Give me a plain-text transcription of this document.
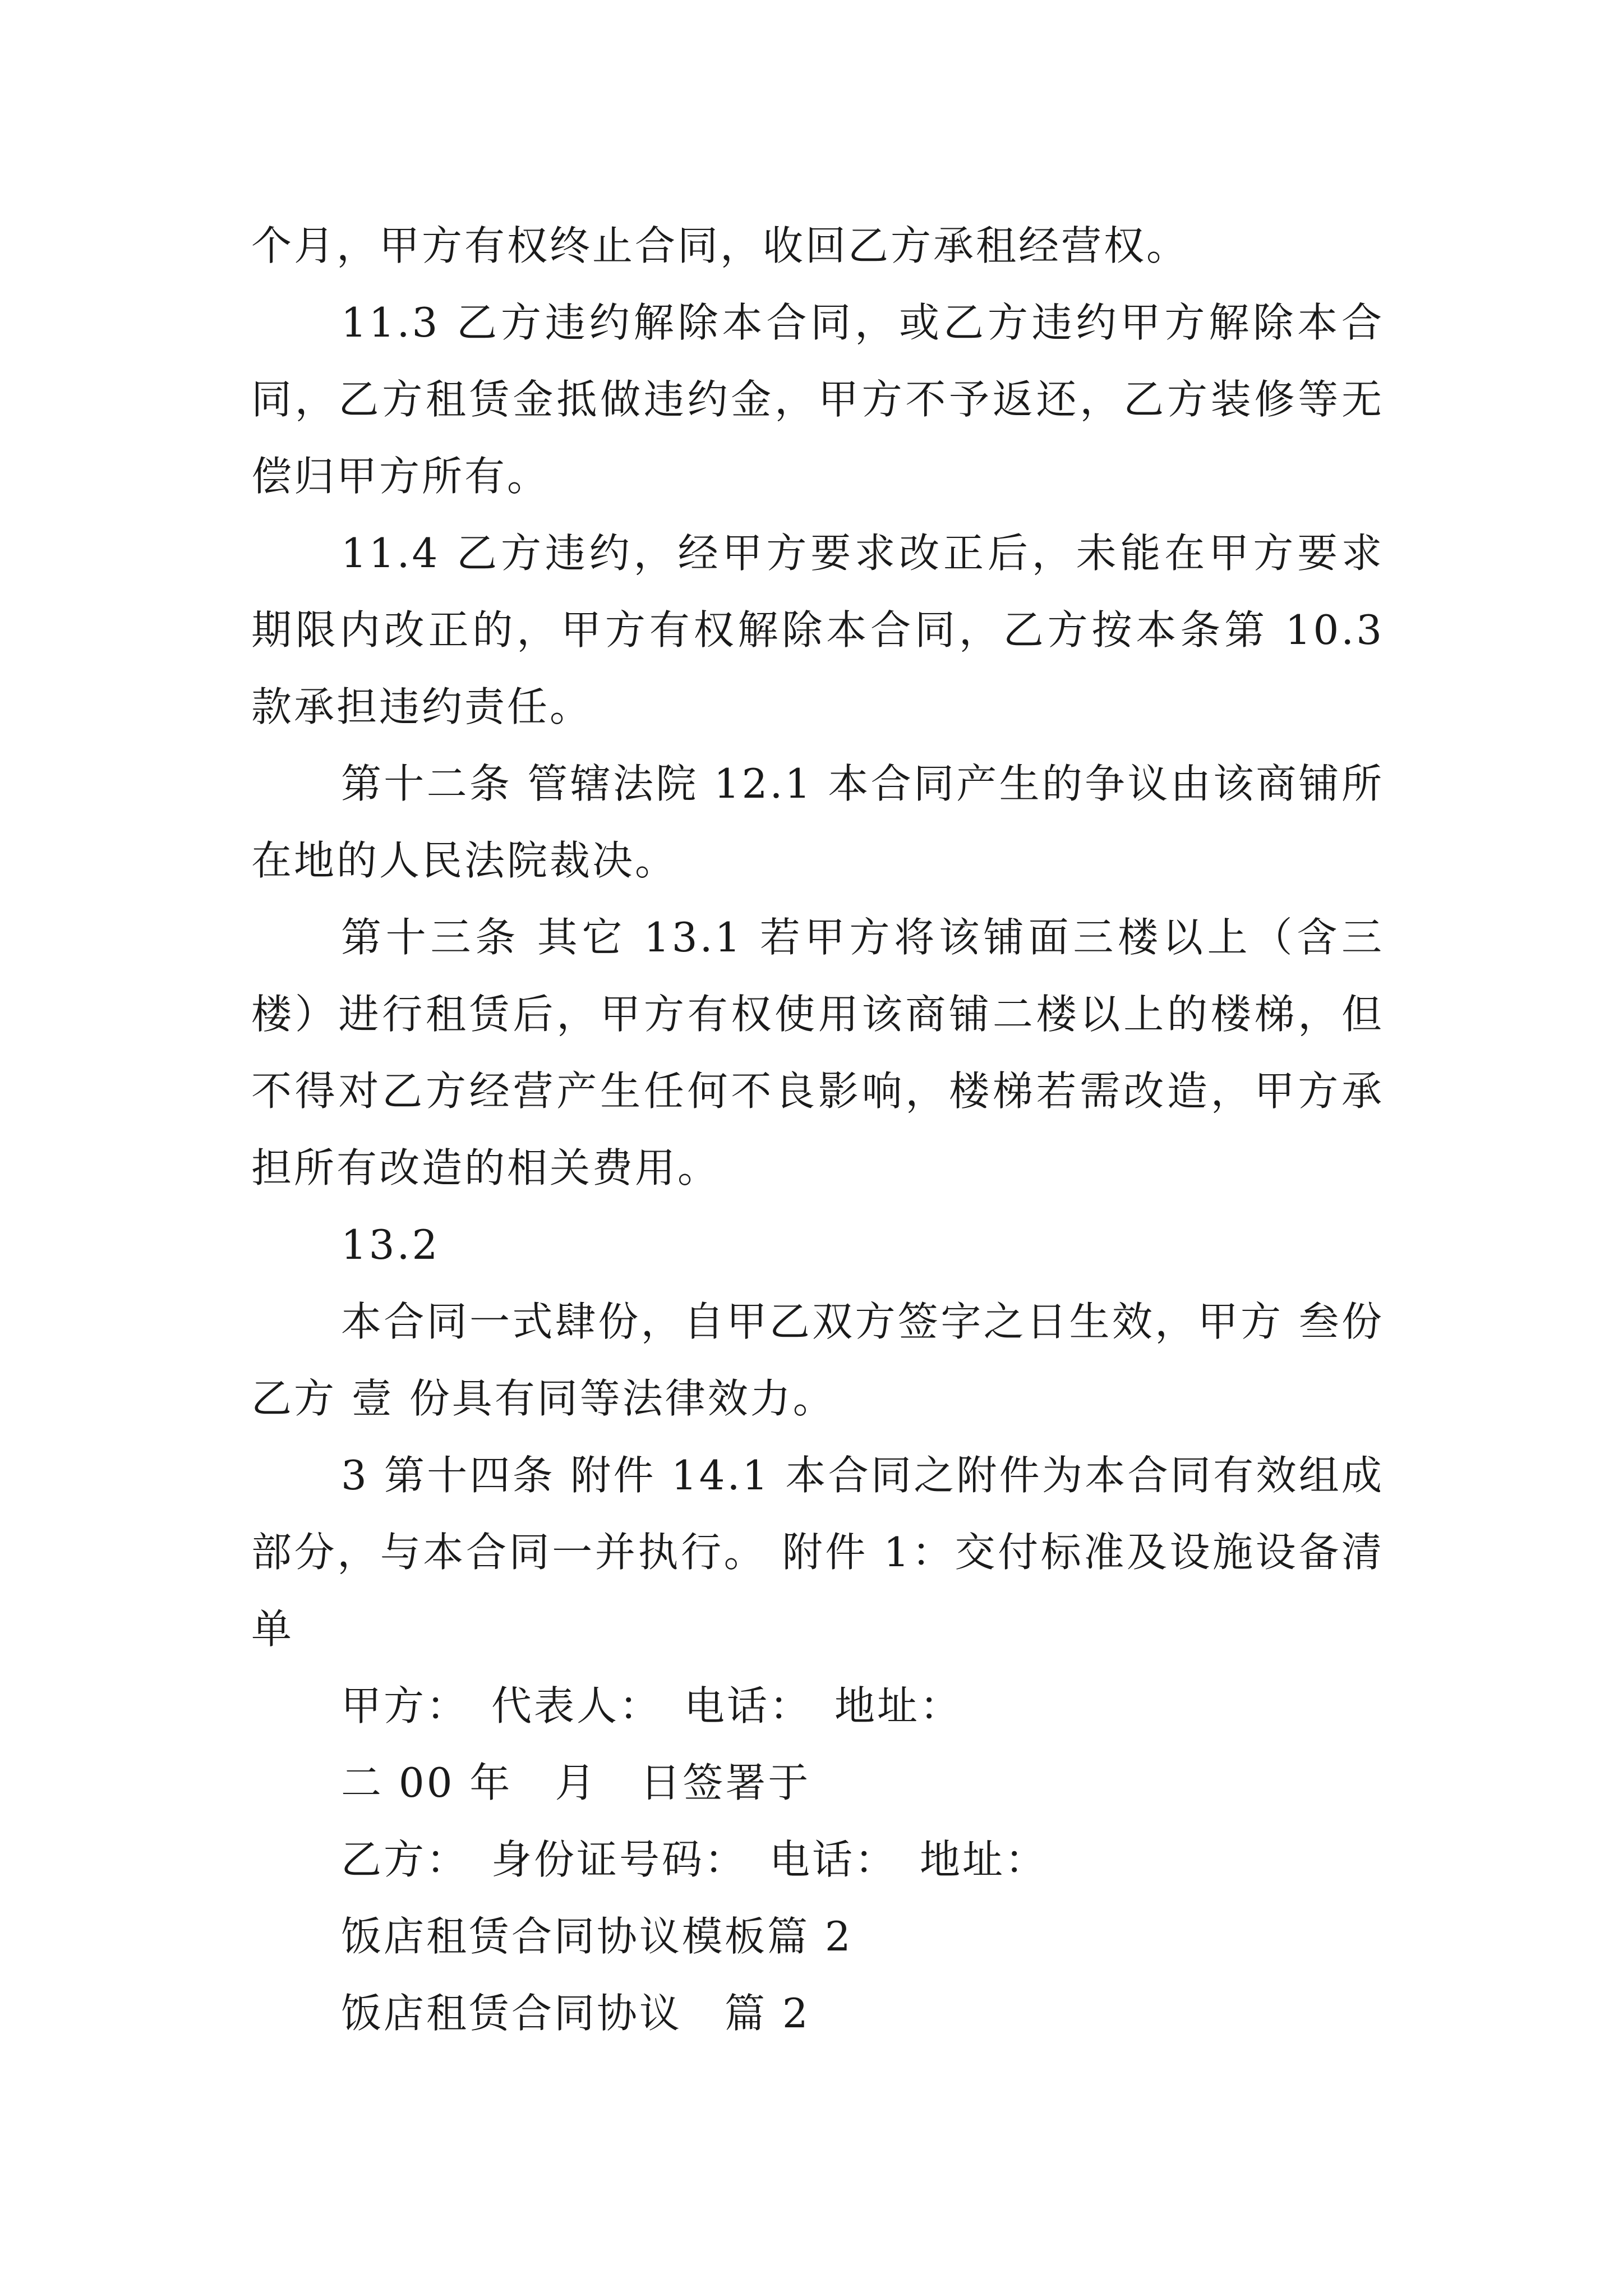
个月，甲方有权终止合同，收回乙方承租经营权。

11.3 乙方违约解除本合同，或乙方违约甲方解除本合同，乙方租赁金抵做违约金，甲方不予返还，乙方装修等无偿归甲方所有。

11.4 乙方违约，经甲方要求改正后，未能在甲方要求期限内改正的，甲方有权解除本合同，乙方按本条第 10.3 款承担违约责任。

第十二条 管辖法院 12.1 本合同产生的争议由该商铺所在地的人民法院裁决。

第十三条 其它 13.1 若甲方将该铺面三楼以上（含三楼）进行租赁后，甲方有权使用该商铺二楼以上的楼梯，但不得对乙方经营产生任何不良影响，楼梯若需改造，甲方承担所有改造的相关费用。

13.2

本合同一式肆份，自甲乙双方签字之日生效，甲方 叁份乙方 壹 份具有同等法律效力。

3 第十四条 附件 14.1 本合同之附件为本合同有效组成部分，与本合同一并执行。 附件 1：交付标准及设施设备清单

甲方：　代表人：　电话：　地址：

二 00 年　月　日签署于

乙方：　身份证号码：　电话：　地址：

饭店租赁合同协议模板篇 2

饭店租赁合同协议　篇 2
